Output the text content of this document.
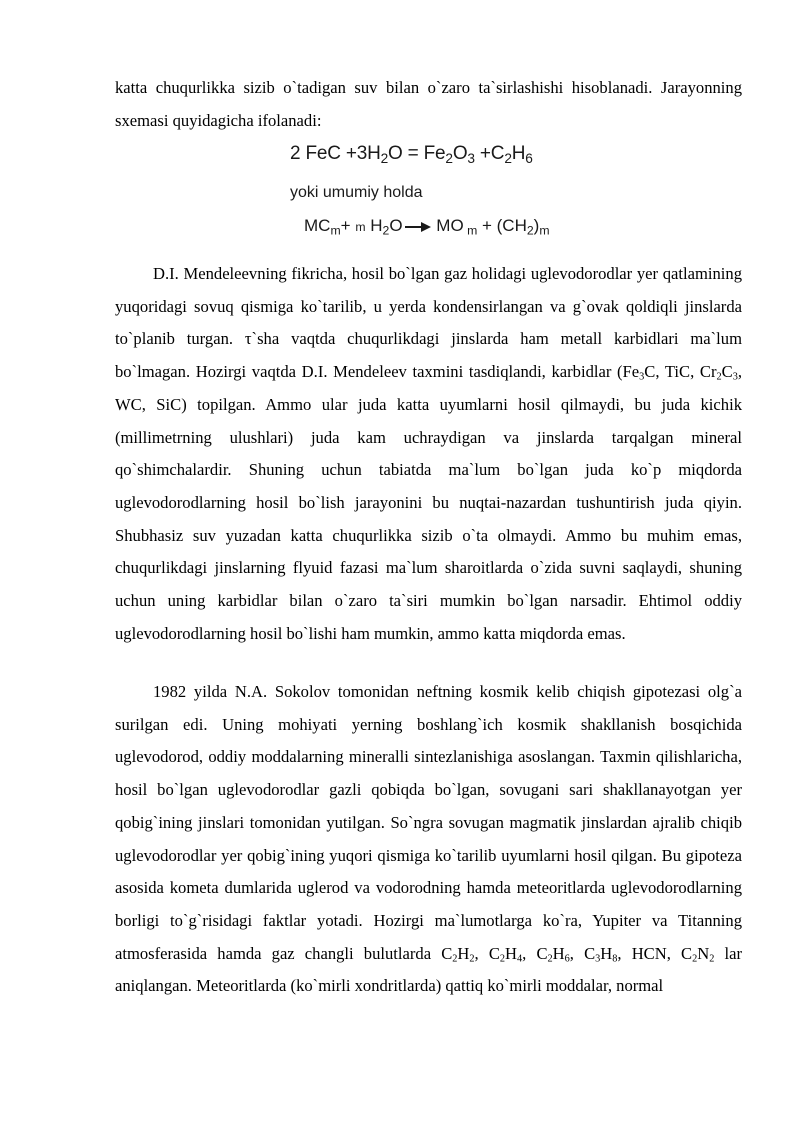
katta chuqurlikka sizib o`tadigan suv bilan o`zaro ta`sirlashishi hisoblanadi. Jarayonning sxemasi quyidagicha ifolanadi:

2 FeC $+3H_2O = Fe_2O_3 +C_2H_6$
yoki umumiy holda
$MC_m+ m$ $H_2O$
MO $_m + (CH_2)_m$

D.I. Mendeleevning fikricha, hosil bo`lgan gaz holidagi uglevodorodlar yer qatlamining yuqoridagi sovuq qismiga ko`tarilib, u yerda kondensirlangan va g`ovak qoldiqli jinslarda to`planib turgan. τ`sha vaqtda chuqurlikdagi jinslarda ham metall karbidlari ma`lum bo`lmagan. Hozirgi vaqtda D.I. Mendeleev taxmini tasdiqlandi, karbidlar ($Fe_3C$, TiC, $Cr_2C_3$, WC, SiC) topilgan. Ammo ular juda katta uyumlarni hosil qilmaydi, bu juda kichik (millimetrning ulushlari) juda kam uchraydigan va jinslarda tarqalgan mineral qo`shimchalardir. Shuning uchun tabiatda ma`lum bo`lgan juda ko`p miqdorda uglevodorodlarning hosil bo`lish jarayonini bu nuqtai-nazardan tushuntirish juda qiyin. Shubhasiz suv yuzadan katta chuqurlikka sizib o`ta olmaydi. Ammo bu muhim emas, chuqurlikdagi jinslarning flyuid fazasi ma`lum sharoitlarda o`zida suvni saqlaydi, shuning uchun uning karbidlar bilan o`zaro ta`siri mumkin bo`lgan narsadir. Ehtimol oddiy uglevodorodlarning hosil bo`lishi ham mumkin, ammo katta miqdorda emas.

1982 yilda N.A. Sokolov tomonidan neftning kosmik kelib chiqish gipotezasi olg`a surilgan edi. Uning mohiyati yerning boshlang`ich kosmik shakllanish bosqichida uglevodorod, oddiy moddalarning mineralli sintezlanishiga asoslangan. Taxmin qilishlaricha, hosil bo`lgan uglevodorodlar gazli qobiqda bo`lgan, sovugani sari shakllanayotgan yer qobig`ining jinslari tomonidan yutilgan. So`ngra sovugan magmatik jinslardan ajralib chiqib uglevodorodlar yer qobig`ining yuqori qismiga ko`tarilib uyumlarni hosil qilgan. Bu gipoteza asosida kometa dumlarida uglerod va vodorodning hamda meteoritlarda uglevodorodlarning borligi to`g`risidagi faktlar yotadi. Hozirgi ma`lumotlarga ko`ra, Yupiter va Titanning atmosferasida hamda gaz changli bulutlarda $C_2H_2$, $C_2H_4$, $C_2H_6$, $C_3H_8$, HCN, $C_2N_2$ lar aniqlangan. Meteoritlarda (ko`mirli xondritlarda) qattiq ko`mirli moddalar, normal
